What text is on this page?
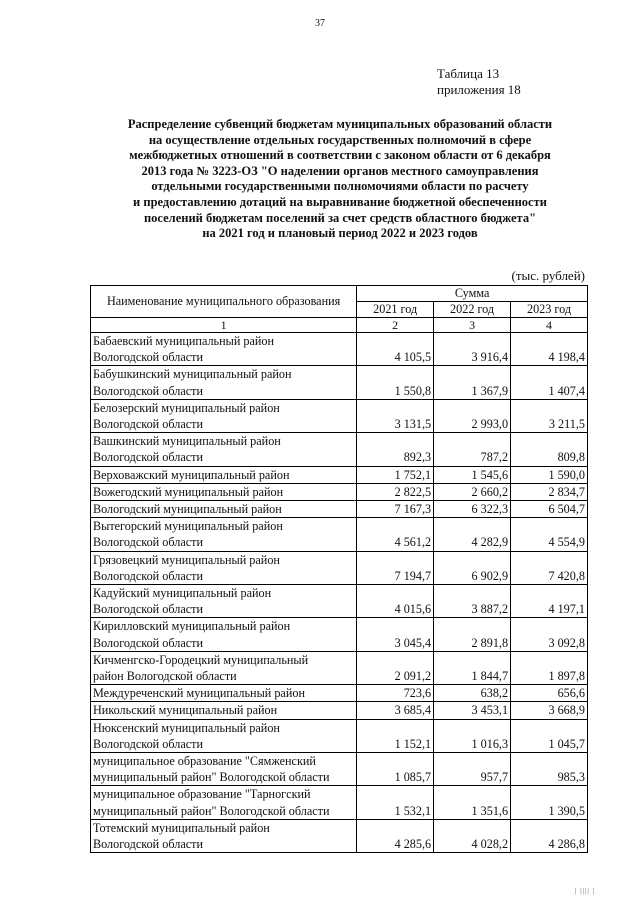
37
Таблица 13
приложения 18
Распределение субвенций бюджетам муниципальных образований области
на осуществление отдельных государственных полномочий в сфере
межбюджетных отношений в соответствии с законом области от 6 декабря
2013 года № 3223-ОЗ "О наделении органов местного самоуправления
отдельными государственными полномочиями области по расчету
и предоставлению дотаций на выравнивание бюджетной обеспеченности
поселений бюджетам поселений за счет средств областного бюджета"
на 2021 год и плановый период 2022 и 2023 годов
(тыс. рублей)
Наименование муниципального образования	Сумма		
	2021 год	2022 год	2023 год
1	2	3	4

Бабаевский муниципальный район
Вологодской области	4 105,5	3 916,4	4 198,4

Бабушкинский муниципальный район
Вологодской области	1 550,8	1 367,9	1 407,4

Белозерский муниципальный район
Вологодской области	3 131,5	2 993,0	3 211,5

Вашкинский муниципальный район
Вологодской области	892,3	787,2	809,8

Верховажский муниципальный район	1 752,1	1 545,6	1 590,0

Вожегодский муниципальный район	2 822,5	2 660,2	2 834,7

Вологодский муниципальный район	7 167,3	6 322,3	6 504,7

Вытегорский муниципальный район
Вологодской области	4 561,2	4 282,9	4 554,9

Грязовецкий муниципальный район
Вологодской области	7 194,7	6 902,9	7 420,8

Кадуйский муниципальный район
Вологодской области	4 015,6	3 887,2	4 197,1

Кирилловский муниципальный район
Вологодской области	3 045,4	2 891,8	3 092,8

Кичменгско-Городецкий муниципальный
район Вологодской области	2 091,2	1 844,7	1 897,8

Междуреченский муниципальный район	723,6	638,2	656,6

Никольский муниципальный район	3 685,4	3 453,1	3 668,9

Нюксенский муниципальный район
Вологодской области	1 152,1	1 016,3	1 045,7

муниципальное образование "Сямженский
муниципальный район" Вологодской области	1 085,7	957,7	985,3

муниципальное образование "Тарногский
муниципальный район" Вологодской области	1 532,1	1 351,6	1 390,5

Тотемский муниципальный район
Вологодской области	4 285,6	4 028,2	4 286,8
| |||| |
